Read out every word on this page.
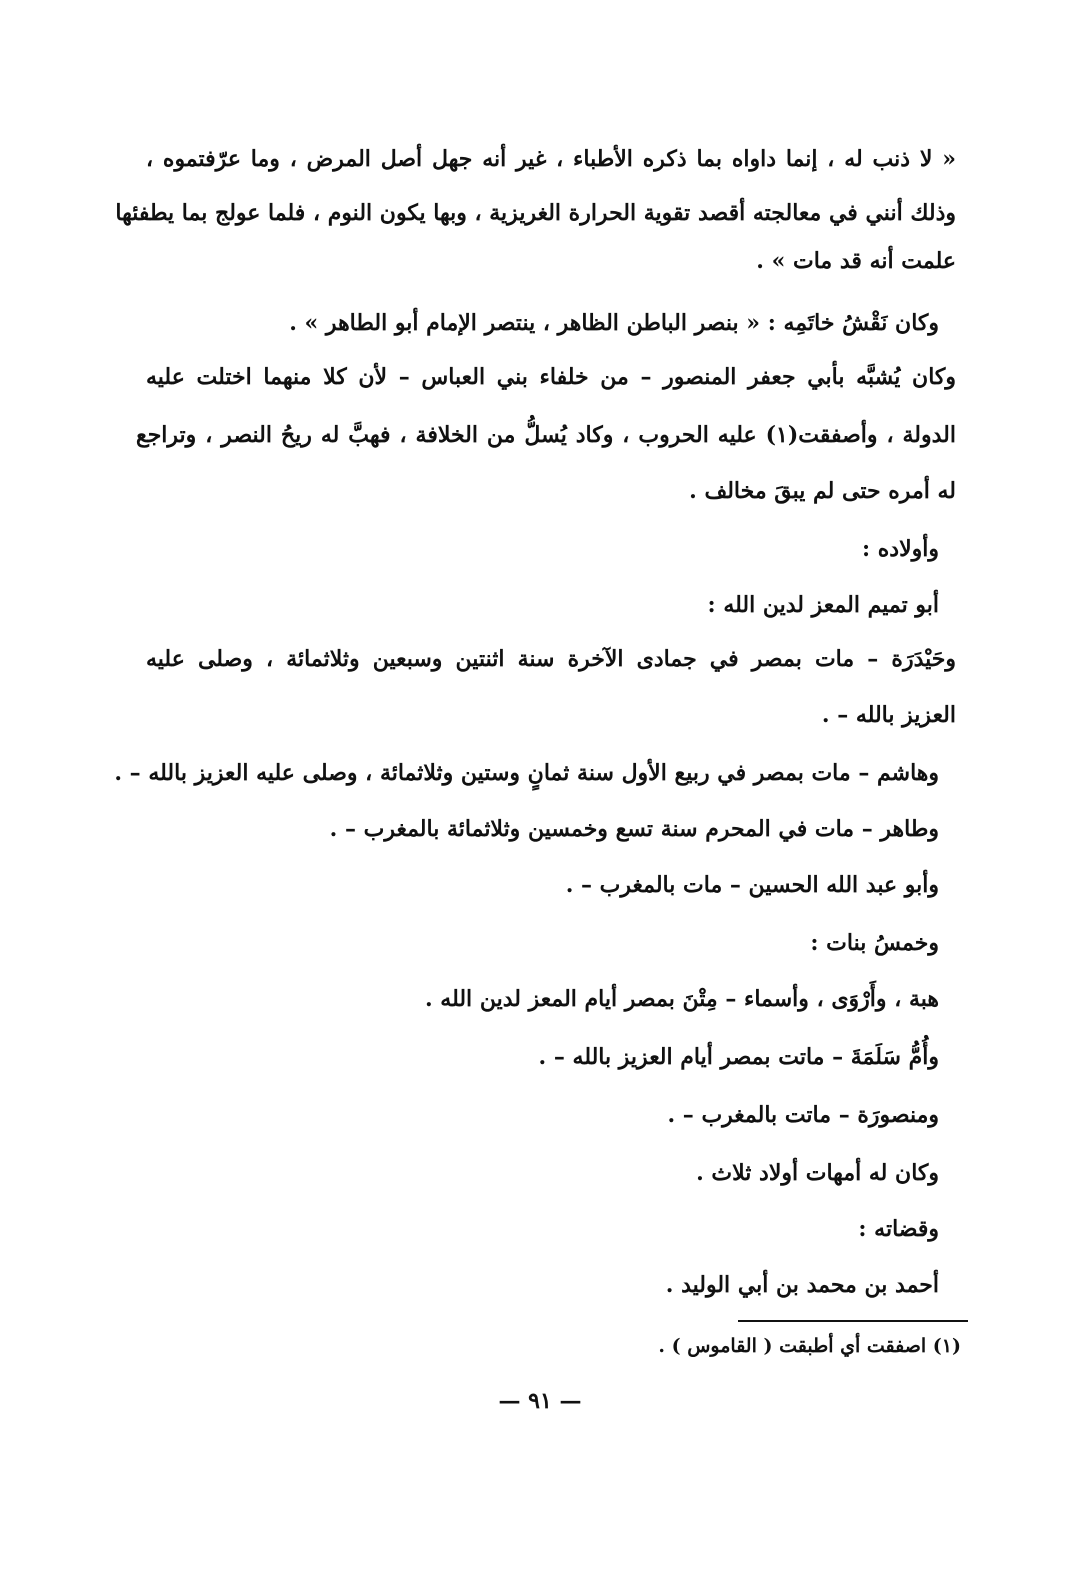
« لا ذنب له ، إنما داواه بما ذكره الأطباء ، غير أنه جهل أصل المرض ، وما عرّفتموه ،
وذلك أنني في معالجته أقصد تقوية الحرارة الغريزية ، وبها يكون النوم ، فلما عولج بما يطفئها
علمت أنه قد مات » .
وكان نَقْشُ خاتَمِه : « بنصر الباطن الظاهر ، ينتصر الإمام أبو الطاهر » .
وكان يُشبَّه بأبي جعفر المنصور – من خلفاء بني العباس – لأن كلا منهما اختلت عليه
الدولة ، وأصفقت(١) عليه الحروب ، وكاد يُسلُّ من الخلافة ، فهبَّ له ريحُ النصر ، وتراجع
له أمره حتى لم يبقَ مخالف .
وأولاده :
أبو تميم المعز لدين الله :
وحَيْدَرَة – مات بمصر في جمادى الآخرة سنة اثنتين وسبعين وثلاثمائة ، وصلى عليه
العزيز بالله – .
وهاشم – مات بمصر في ربيع الأول سنة ثمانٍ وستين وثلاثمائة ، وصلى عليه العزيز بالله – .
وطاهر – مات في المحرم سنة تسع وخمسين وثلاثمائة بالمغرب – .
وأبو عبد الله الحسين – مات بالمغرب – .
وخمسُ بنات :
هبة ، وأَرْوَى ، وأسماء – مِتْنَ بمصر أيام المعز لدين الله .
وأُمُّ سَلَمَةَ – ماتت بمصر أيام العزيز بالله – .
ومنصورَة – ماتت بالمغرب – .
وكان له أمهات أولاد ثلاث .
وقضاته :
أحمد بن محمد بن أبي الوليد .
(١) اصفقت أي أطبقت ( القاموس ) .
— ٩١ —
